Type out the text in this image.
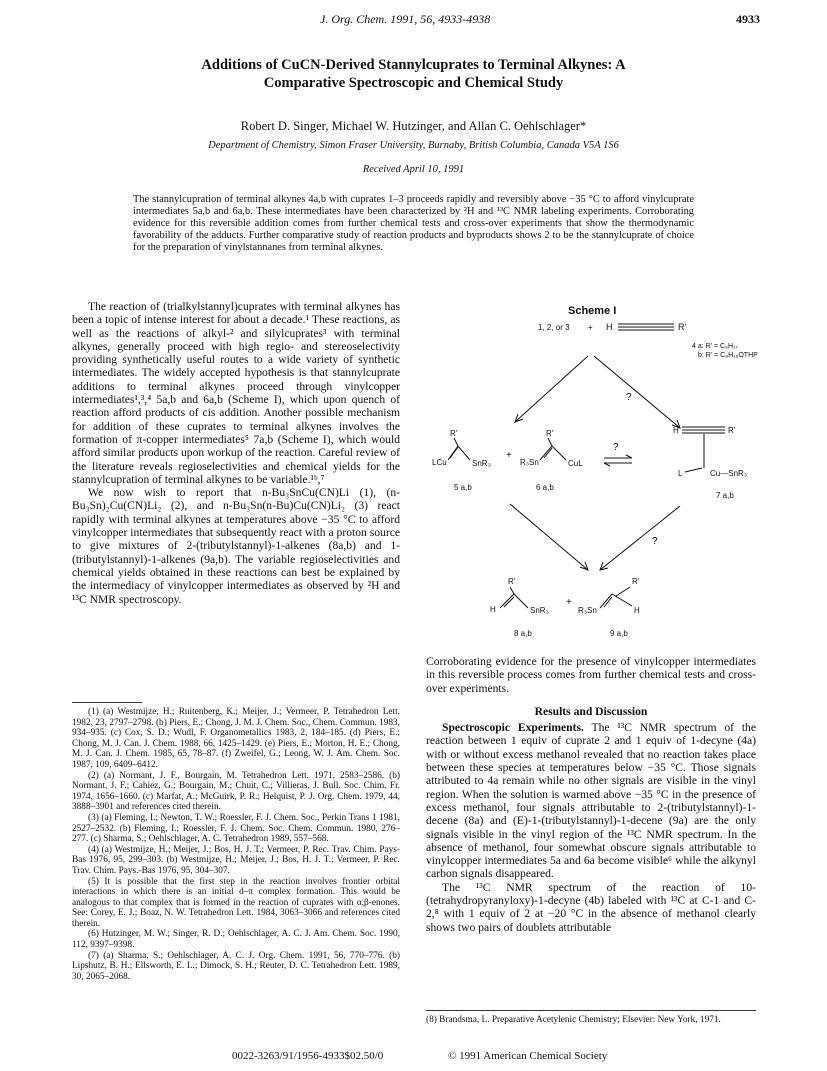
J. Org. Chem. 1991, 56, 4933-4938	4933
Additions of CuCN-Derived Stannylcuprates to Terminal Alkynes: A
Comparative Spectroscopic and Chemical Study
Robert D. Singer, Michael W. Hutzinger, and Allan C. Oehlschlager*
Department of Chemistry, Simon Fraser University, Burnaby, British Columbia, Canada V5A 1S6
Received April 10, 1991
The stannylcupration of terminal alkynes 4a,b with cuprates 1–3 proceeds rapidly and reversibly above −35 °C to afford vinylcuprate intermediates 5a,b and 6a,b. These intermediates have been characterized by ²H and ¹³C NMR labeling experiments. Corroborating evidence for this reversible addition comes from further chemical tests and cross-over experiments that show the thermodynamic favorability of the adducts. Further comparative study of reaction products and byproducts shows 2 to be the stannylcuprate of choice for the preparation of vinylstannanes from terminal alkynes.

The reaction of (trialkylstannyl)cuprates with terminal alkynes has been a topic of intense interest for about a decade.¹ These reactions, as well as the reactions of alkyl-² and silylcuprates³ with terminal alkynes, generally proceed with high regio- and stereoselectivity providing synthetically useful routes to a wide variety of synthetic intermediates. The widely accepted hypothesis is that stannylcuprate additions to terminal alkynes proceed through vinylcopper intermediates¹,³,⁴ 5a,b and 6a,b (Scheme I), which upon quench of reaction afford products of cis addition. Another possible mechanism for addition of these cuprates to terminal alkynes involves the formation of π-copper intermediates⁵ 7a,b (Scheme I), which would afford similar products upon workup of the reaction. Careful review of the literature reveals regioselectivities and chemical yields for the stannylcupration of terminal alkynes to be variable.¹ᵇ,⁷

We now wish to report that n-Bu₃SnCu(CN)Li (1), (n-Bu₃Sn)₂Cu(CN)Li₂ (2), and n-Bu₃Sn(n-Bu)Cu(CN)Li₂ (3) react rapidly with terminal alkynes at temperatures above −35 °C to afford vinylcopper intermediates that subsequently react with a proton source to give mixtures of 2-(tributylstannyl)-1-alkenes (8a,b) and 1-(tributylstannyl)-1-alkenes (9a,b). The variable regioselectivities and chemical yields obtained in these reactions can best be explained by the intermediacy of vinylcopper intermediates as observed by ²H and ¹³C NMR spectroscopy.

(1) (a) Westmijze, H.; Ruitenberg, K.; Meijer, J.; Vermeer, P. Tetrahedron Lett. 1982, 23, 2797–2798. (b) Piers, E.; Chong, J. M. J. Chem. Soc., Chem. Commun. 1983, 934–935. (c) Cox, S. D.; Wudl, F. Organometallics 1983, 2, 184–185. (d) Piers, E.; Chong, M. J. Can. J. Chem. 1988, 66, 1425–1429. (e) Piers, E.; Morton, H. E.; Chong, M. J. Can. J. Chem. 1985, 65, 78–87. (f) Zweifel, G.; Leong, W. J. Am. Chem. Soc. 1987, 109, 6409–6412.

(2) (a) Normant, J. F., Bourgain, M. Tetrahedron Lett. 1971, 2583–2586. (b) Normant, J. F.; Cahiez, G.; Bourgain, M.; Chuit, C.; Villieras, J. Bull. Soc. Chim. Fr. 1974, 1656–1660. (c) Marfat, A.; McGuirk, P. R.; Helquist, P. J. Org. Chem. 1979, 44, 3888–3901 and references cited therein.

(3) (a) Fleming, I.; Newton, T. W.; Roessler, F. J. Chem. Soc., Perkin Trans 1 1981, 2527–2532. (b) Fleming, I.; Roessler, F. J. Chem. Soc. Chem. Commun. 1980, 276–277. (c) Sharma, S.; Oehlschlager, A. C. Tetrahedron 1989, 557–568.

(4) (a) Westmijze, H.; Meijer, J.; Bos, H. J. T.; Vermeer, P. Rec. Trav. Chim. Pays-Bas 1976, 95, 299–303. (b) Westmijze, H.; Meijer, J.; Bos, H. J. T.; Vermeer, P. Rec. Trav. Chim. Pays.-Bas 1976, 95, 304–307.

(5) It is possible that the first step in the reaction involves frontier orbital interactions in which there is an initial d–π complex formation. This would be analogous to that complex that is formed in the reaction of cuprates with α,β-enones. See: Corey, E. J.; Boaz, N. W. Tetrahedron Lett. 1984, 3063–3066 and references cited therein.

(6) Hutzinger, M. W.; Singer, R. D.; Oehlschlager, A. C. J. Am. Chem. Soc. 1990, 112, 9397–9398.

(7) (a) Sharma, S.; Oehlschlager, A. C. J. Org. Chem. 1991, 56, 770–776. (b) Lipshutz, B. H.; Ellsworth, E. L.; Dimock, S. H.; Reuter, D. C. Tetrahedron Lett. 1989, 30, 2065–2068.

Scheme I
1, 2, or 3 + H	R'
4 a: R' = C₈H₁₇
b: R' = C₈H₁₆OTHP
?
R'
LCu	SnR₃
5 a,b
+
R₃Sn
R'
CuL
6 a,b
?
H	R'
L	Cu—SnR₃
7 a,b
?
R'
H	SnR₃
8 a,b
+
R₃Sn
R'
H
9 a,b

Corroborating evidence for the presence of vinylcopper intermediates in this reversible process comes from further chemical tests and cross-over experiments.

Results and Discussion

Spectroscopic Experiments. The ¹³C NMR spectrum of the reaction between 1 equiv of cuprate 2 and 1 equiv of 1-decyne (4a) with or without excess methanol revealed that no reaction takes place between these species at temperatures below −35 °C. Those signals attributed to 4a remain while no other signals are visible in the vinyl region. When the solution is warmed above −35 °C in the presence of excess methanol, four signals attributable to 2-(tributylstannyl)-1-decene (8a) and (E)-1-(tributylstannyl)-1-decene (9a) are the only signals visible in the vinyl region of the ¹³C NMR spectrum. In the absence of methanol, four somewhat obscure signals attributable to vinylcopper intermediates 5a and 6a become visible⁶ while the alkynyl carbon signals disappeared.

The ¹³C NMR spectrum of the reaction of 10-(tetrahydropyranyloxy)-1-decyne (4b) labeled with ¹³C at C-1 and C-2,⁸ with 1 equiv of 2 at −20 °C in the absence of methanol clearly shows two pairs of doublets attributable

(8) Brandsma, L. Preparative Acetylenic Chemistry; Elsevier: New York, 1971.
0022-3263/91/1956-4933$02.50/0	© 1991 American Chemical Society
